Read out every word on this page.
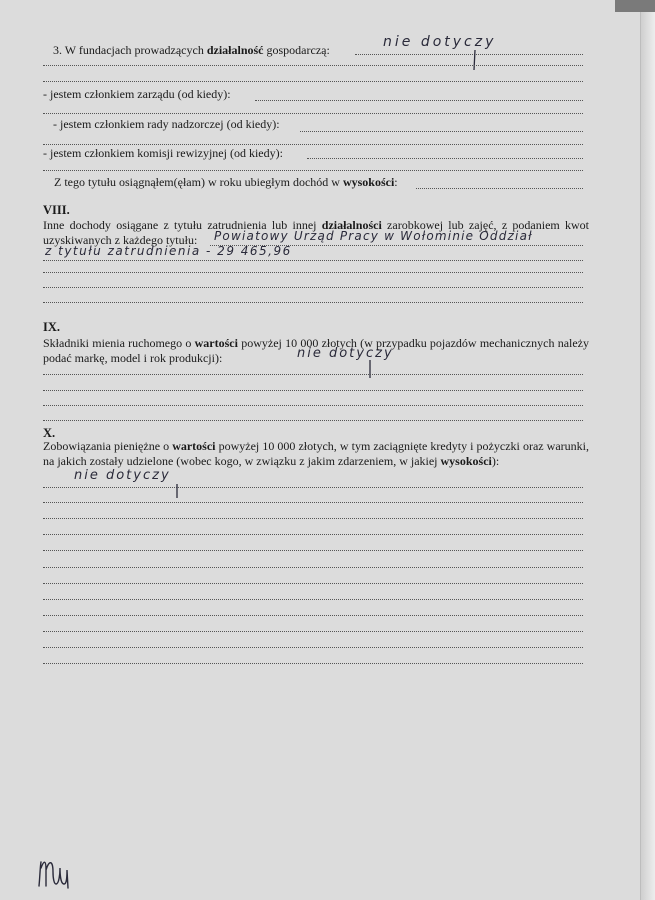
3. W fundacjach prowadzących działalność gospodarczą:	nie dotyczy
- jestem członkiem zarządu (od kiedy):
- jestem członkiem rady nadzorczej (od kiedy):
- jestem członkiem komisji rewizyjnej (od kiedy):
Z tego tytułu osiągnąłem(ęłam) w roku ubiegłym dochód w wysokości:
VIII.
Inne dochody osiągane z tytułu zatrudnienia lub innej działalności zarobkowej lub zajęć, z podaniem kwot uzyskiwanych z każdego tytułu:	Powiatowy Urząd Pracy w Wołominie Oddział
z tytułu zatrudnienia - 29 465,96
IX.
Składniki mienia ruchomego o wartości powyżej 10 000 złotych (w przypadku pojazdów mechanicznych należy podać markę, model i rok produkcji):	nie dotyczy
X.
Zobowiązania pieniężne o wartości powyżej 10 000 złotych, w tym zaciągnięte kredyty i pożyczki oraz warunki, na jakich zostały udzielone (wobec kogo, w związku z jakim zdarzeniem, w jakiej wysokości):
nie dotyczy
